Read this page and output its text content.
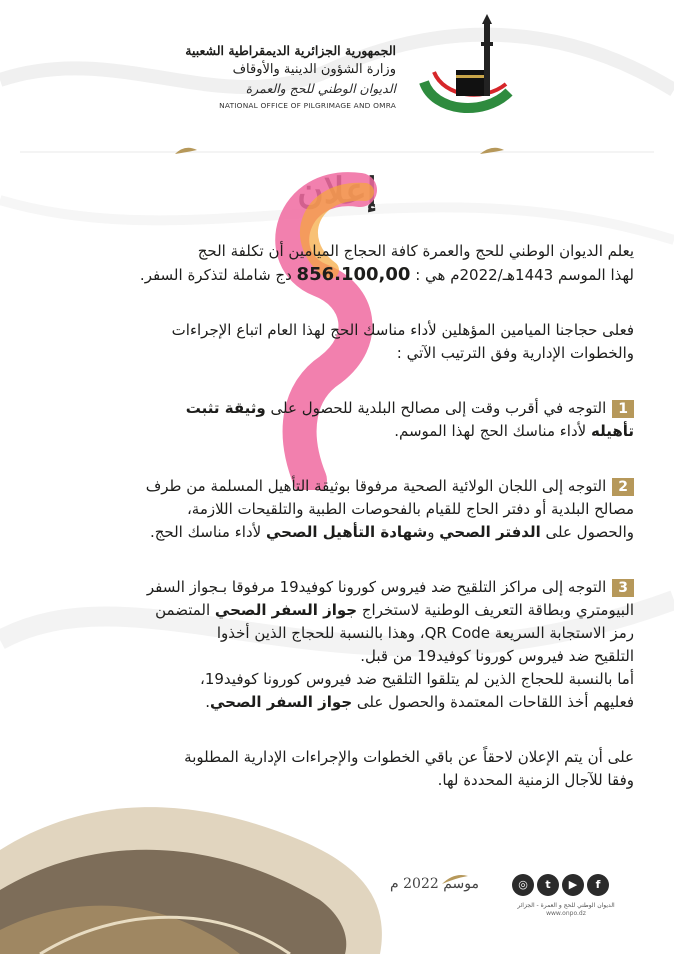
الجمهورية الجزائرية الديمقراطية الشعبية
وزارة الشؤون الدينية والأوقاف
الديوان الوطني للحج والعمرة
NATIONAL OFFICE OF PILGRIMAGE AND OMRA
إعلان

يعلم الديوان الوطني للحج والعمرة كافة الحجاج الميامين أن تكلفة الحج

لهذا الموسم 1443هـ/2022م هي : 856.100,00 دج شاملة لتذكرة السفر.

فعلى حجاجنا الميامين المؤهلين لأداء مناسك الحج لهذا العام اتباع الإجراءات

والخطوات الإدارية وفق الترتيب الآتي :

1التوجه في أقرب وقت إلى مصالح البلدية للحصول على وثيقة تثبت

تأهيله لأداء مناسك الحج لهذا الموسم.

2التوجه إلى اللجان الولائية الصحية مرفوقا بوثيقة التأهيل المسلمة من طرف

مصالح البلدية أو دفتر الحاج للقيام بالفحوصات الطبية والتلقيحات اللازمة،

والحصول على الدفتر الصحي وشهادة التأهيل الصحي لأداء مناسك الحج.

3التوجه إلى مراكز التلقيح ضد فيروس كورونا كوفيد19 مرفوقا بـجواز السفر

البيومتري وبطاقة التعريف الوطنية لاستخراج جواز السفر الصحي المتضمن

رمز الاستجابة السريعة QR Code، وهذا بالنسبة للحجاج الذين أخذوا

التلقيح ضد فيروس كورونا كوفيد19 من قبل.

أما بالنسبة للحجاج الذين لم يتلقوا التلقيح ضد فيروس كورونا كوفيد19،

فعليهم أخذ اللقاحات المعتمدة والحصول على جواز السفر الصحي.

على أن يتم الإعلان لاحقاً عن باقي الخطوات والإجراءات الإدارية المطلوبة

وفقا للآجال الزمنية المحددة لها.

موسم 2022 م	◎	t	▶	f
الديوان الوطني للحج و العمرة - الجزائر
www.onpo.dz
